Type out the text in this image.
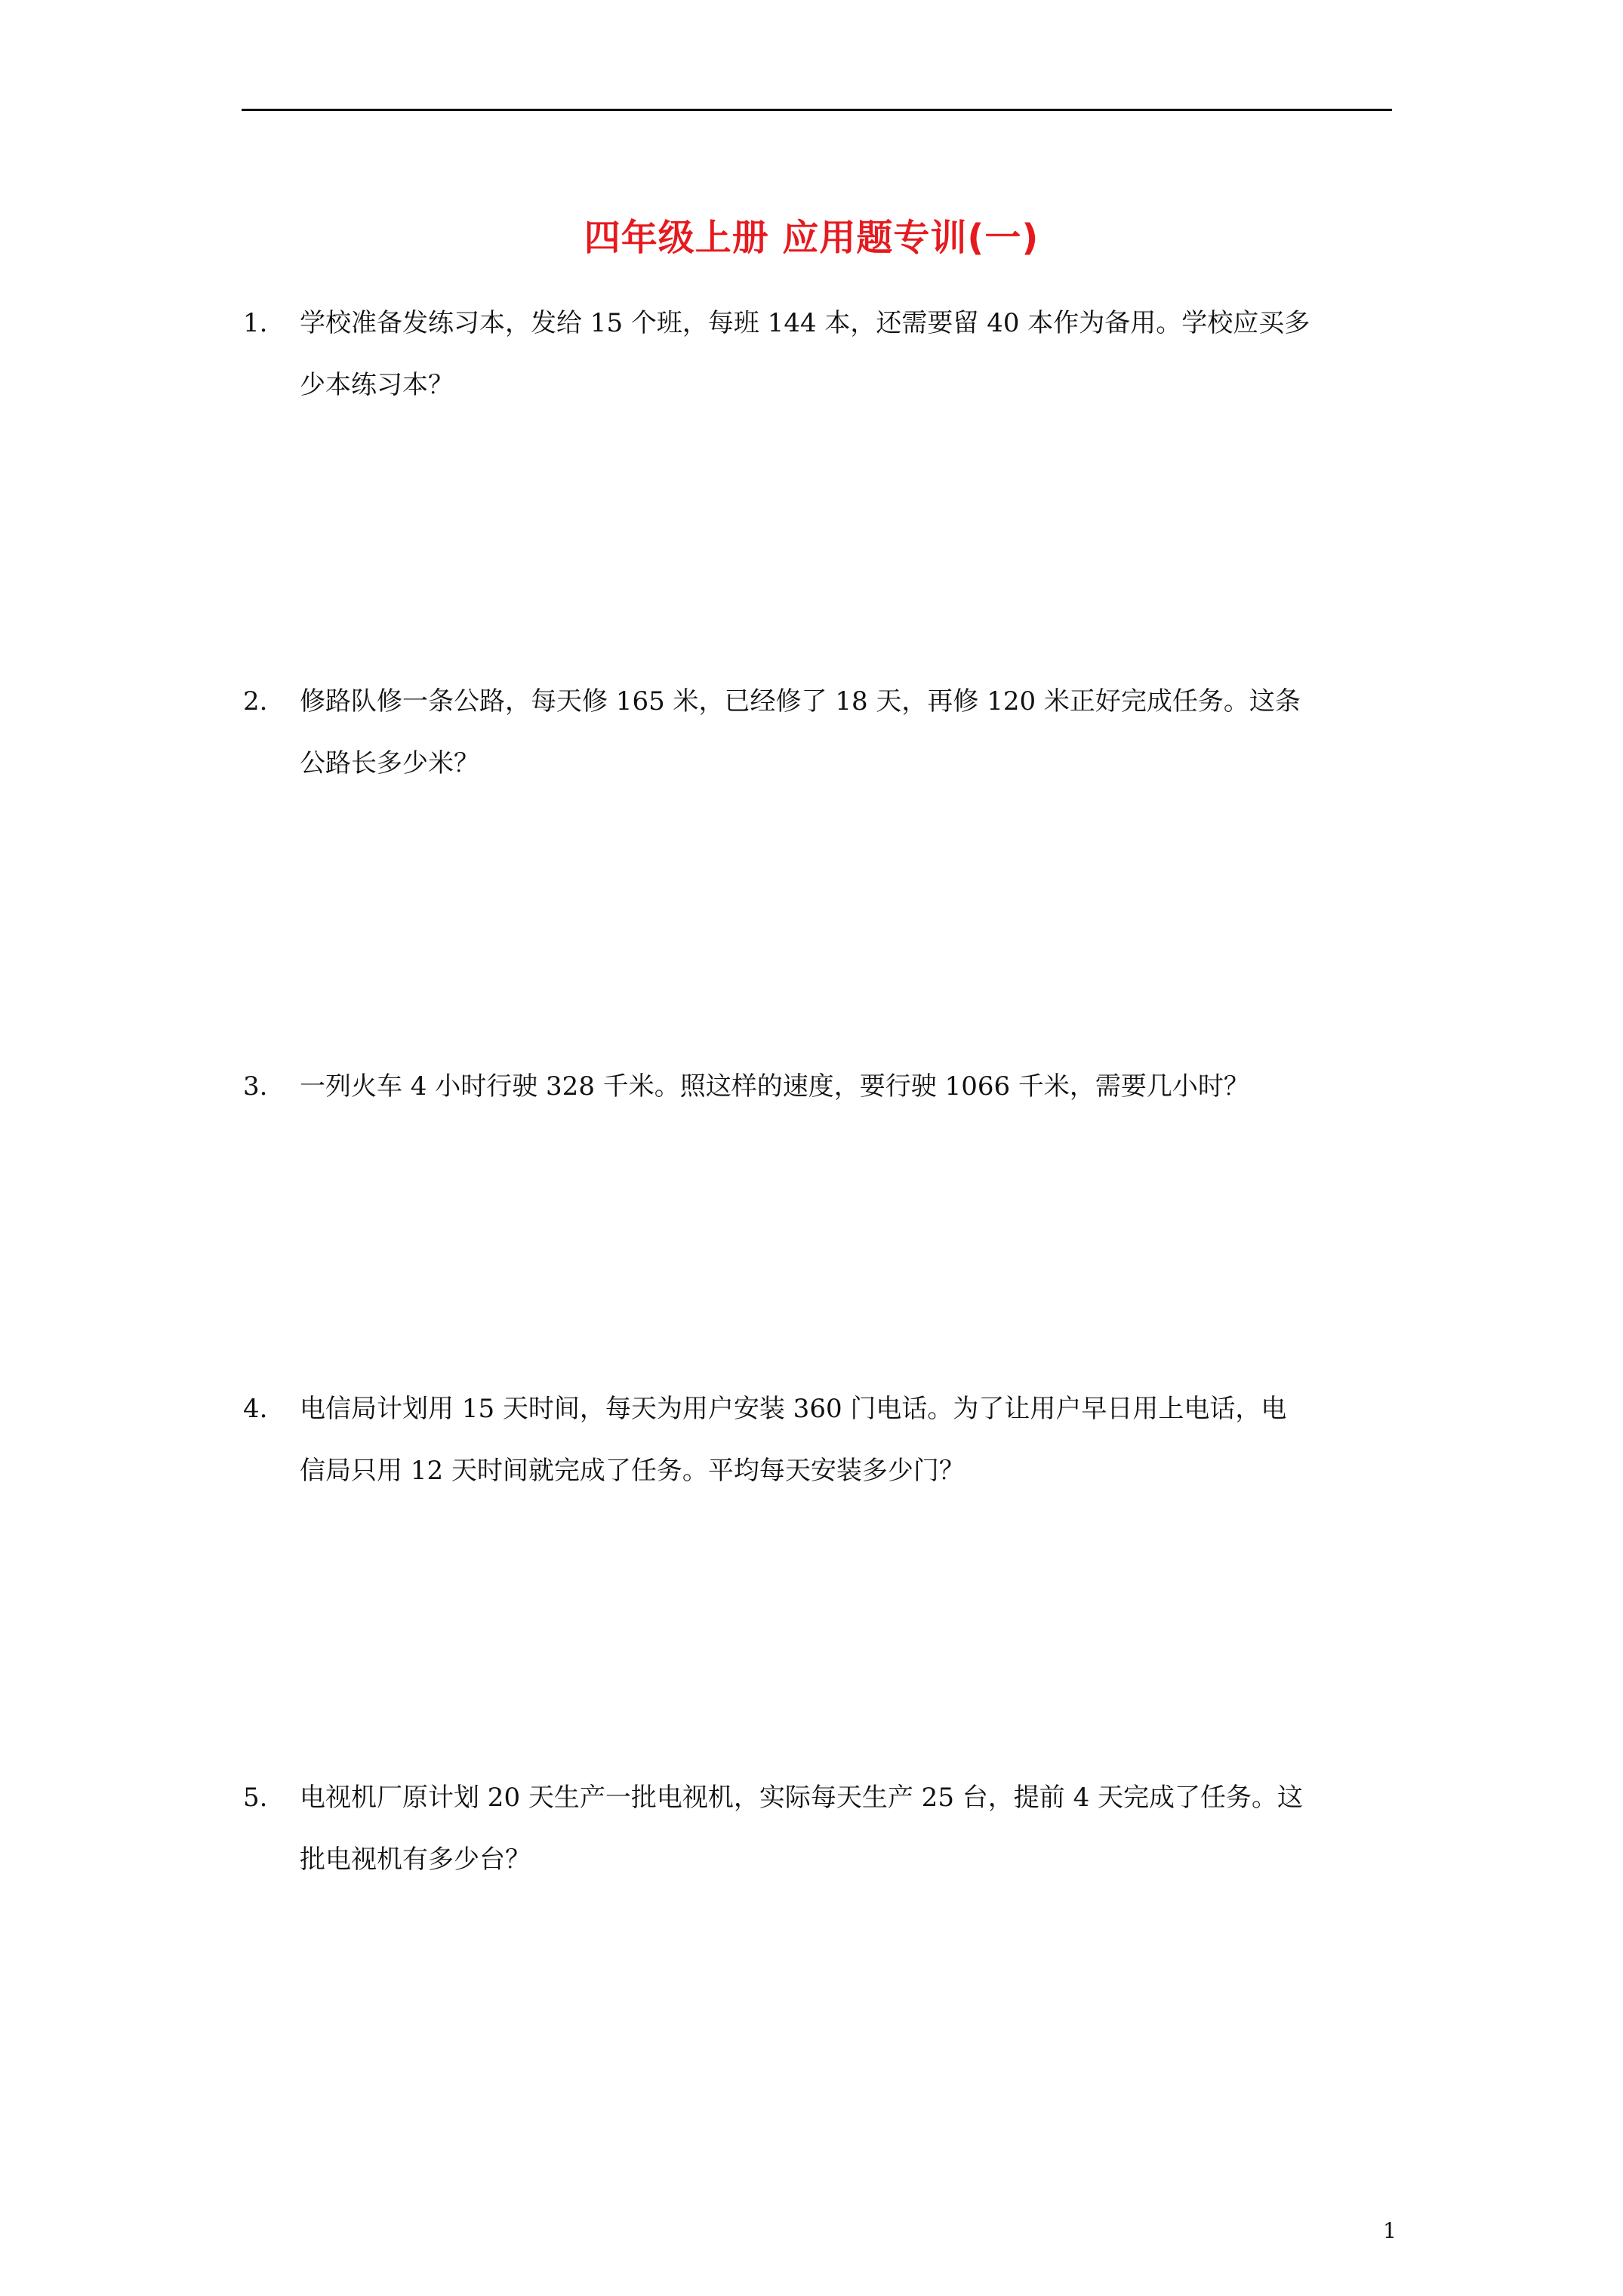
四年级上册 应用题专训(一)
1. 学校准备发练习本，发给 15 个班，每班 144 本，还需要留 40 本作为备用。学校应买多
少本练习本？
2. 修路队修一条公路，每天修 165 米，已经修了 18 天，再修 120 米正好完成任务。这条
公路长多少米？
3. 一列火车 4 小时行驶 328 千米。照这样的速度，要行驶 1066 千米，需要几小时？
4. 电信局计划用 15 天时间，每天为用户安装 360 门电话。为了让用户早日用上电话，电
信局只用 12 天时间就完成了任务。平均每天安装多少门？
5. 电视机厂原计划 20 天生产一批电视机，实际每天生产 25 台，提前 4 天完成了任务。这
批电视机有多少台？
1
